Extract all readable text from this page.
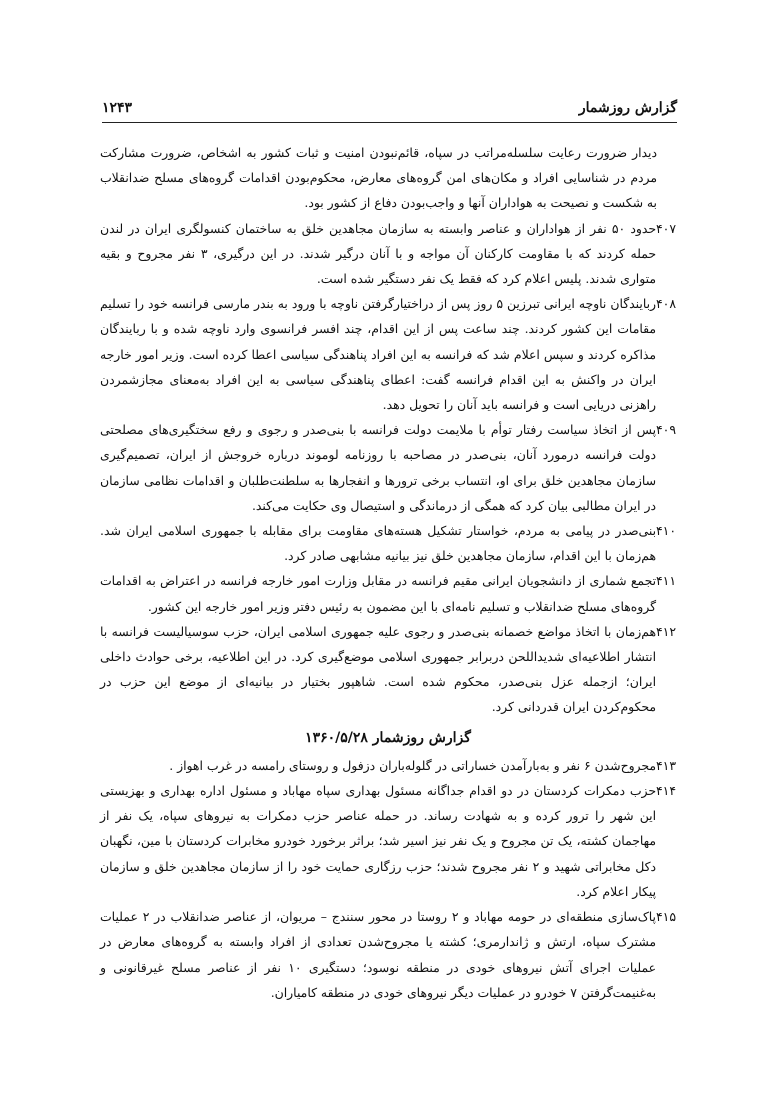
گزارش روزشمار
۱۲۴۳

دیدار ضرورت رعایت سلسله‌مراتب در سپاه، قائم‌نبودن امنیت و ثبات کشور به اشخاص، ضرورت مشارکت مردم در شناسایی افراد و مکان‌های امن گروه‌های معارض، محکوم‌بودن اقدامات گروه‌های مسلح ضدانقلاب به شکست و نصیحت به هواداران آنها و واجب‌بودن دفاع از کشور بود.

۴۰۷

حدود ۵۰ نفر از هواداران و عناصر وابسته به سازمان مجاهدین خلق به ساختمان کنسولگری ایران در لندن حمله کردند که با مقاومت کارکنان آن مواجه و با آنان درگیر شدند. در این درگیری، ۳ نفر مجروح و بقیه متواری شدند. پلیس اعلام کرد که فقط یک نفر دستگیر شده است.

۴۰۸

ربایندگان ناوچه ایرانی تبرزین ۵ روز پس از دراختیارگرفتن ناوچه با ورود به بندر مارسی فرانسه خود را تسلیم مقامات این کشور کردند. چند ساعت پس از این اقدام، چند افسر فرانسوی وارد ناوچه شده و با ربایندگان مذاکره کردند و سپس اعلام شد که فرانسه به این افراد پناهندگی سیاسی اعطا کرده است. وزیر امور خارجه ایران در واکنش به این اقدام فرانسه گفت: اعطای پناهندگی سیاسی به این افراد به‌معنای مجازشمردن راهزنی دریایی است و فرانسه باید آنان را تحویل دهد.

۴۰۹

پس از اتخاذ سیاست رفتار توأم با ملایمت دولت فرانسه با بنی‌صدر و رجوی و رفع سختگیری‌های مصلحتی دولت فرانسه درمورد آنان، بنی‌صدر در مصاحبه با روزنامه لوموند درباره خروجش از ایران، تصمیم‌گیری سازمان مجاهدین خلق برای او، انتساب برخی ترورها و انفجارها به سلطنت‌طلبان و اقدامات نظامی سازمان در ایران مطالبی بیان کرد که همگی از درماندگی و استیصال وی حکایت می‌کند.

۴۱۰

بنی‌صدر در پیامی به مردم، خواستار تشکیل هسته‌های مقاومت برای مقابله با جمهوری اسلامی ایران شد. هم‌زمان با این اقدام، سازمان مجاهدین خلق نیز بیانیه مشابهی صادر کرد.

۴۱۱

تجمع شماری از دانشجویان ایرانی مقیم فرانسه در مقابل وزارت امور خارجه فرانسه در اعتراض به اقدامات گروه‌های مسلح ضدانقلاب و تسلیم نامه‌ای با این مضمون به رئیس دفتر وزیر امور خارجه این کشور.

۴۱۲

هم‌زمان با اتخاذ مواضع خصمانه بنی‌صدر و رجوی علیه جمهوری اسلامی ایران، حزب سوسیالیست فرانسه با انتشار اطلاعیه‌ای شدیداللحن دربرابر جمهوری اسلامی موضع‌گیری کرد. در این اطلاعیه، برخی حوادث داخلی ایران؛ ازجمله عزل بنی‌صدر، محکوم شده است. شاهپور بختیار در بیانیه‌ای از موضع این حزب در محکوم‌کردن ایران قدردانی کرد.

گزارش روزشمار ۱۳۶۰/۵/۲۸
۴۱۳

مجروح‌شدن ۶ نفر و به‌بارآمدن خساراتی در گلوله‌باران دزفول و روستای رامسه در غرب اهواز .

۴۱۴

حزب دمکرات کردستان در دو اقدام جداگانه مسئول بهداری سپاه مهاباد و مسئول اداره بهداری و بهزیستی این شهر را ترور کرده و به شهادت رساند. در حمله عناصر حزب دمکرات به نیروهای سپاه، یک نفر از مهاجمان کشته، یک تن مجروح و یک نفر نیز اسیر شد؛ براثر برخورد خودرو مخابرات کردستان با مین، نگهبان دکل مخابراتی شهید و ۲ نفر مجروح شدند؛ حزب رزگاری حمایت خود را از سازمان مجاهدین خلق و سازمان پیکار اعلام کرد.

۴۱۵

پاک‌سازی منطقه‌ای در حومه مهاباد و ۲ روستا در محور سنندج – مریوان، از عناصر ضدانقلاب در ۲ عملیات مشترک سپاه، ارتش و ژاندارمری؛ کشته یا مجروح‌شدن تعدادی از افراد وابسته به گروه‌های معارض در عملیات اجرای آتش نیروهای خودی در منطقه نوسود؛ دستگیری ۱۰ نفر از عناصر مسلح غیرقانونی و به‌غنیمت‌گرفتن ۷ خودرو در عملیات دیگر نیروهای خودی در منطقه کامیاران.
